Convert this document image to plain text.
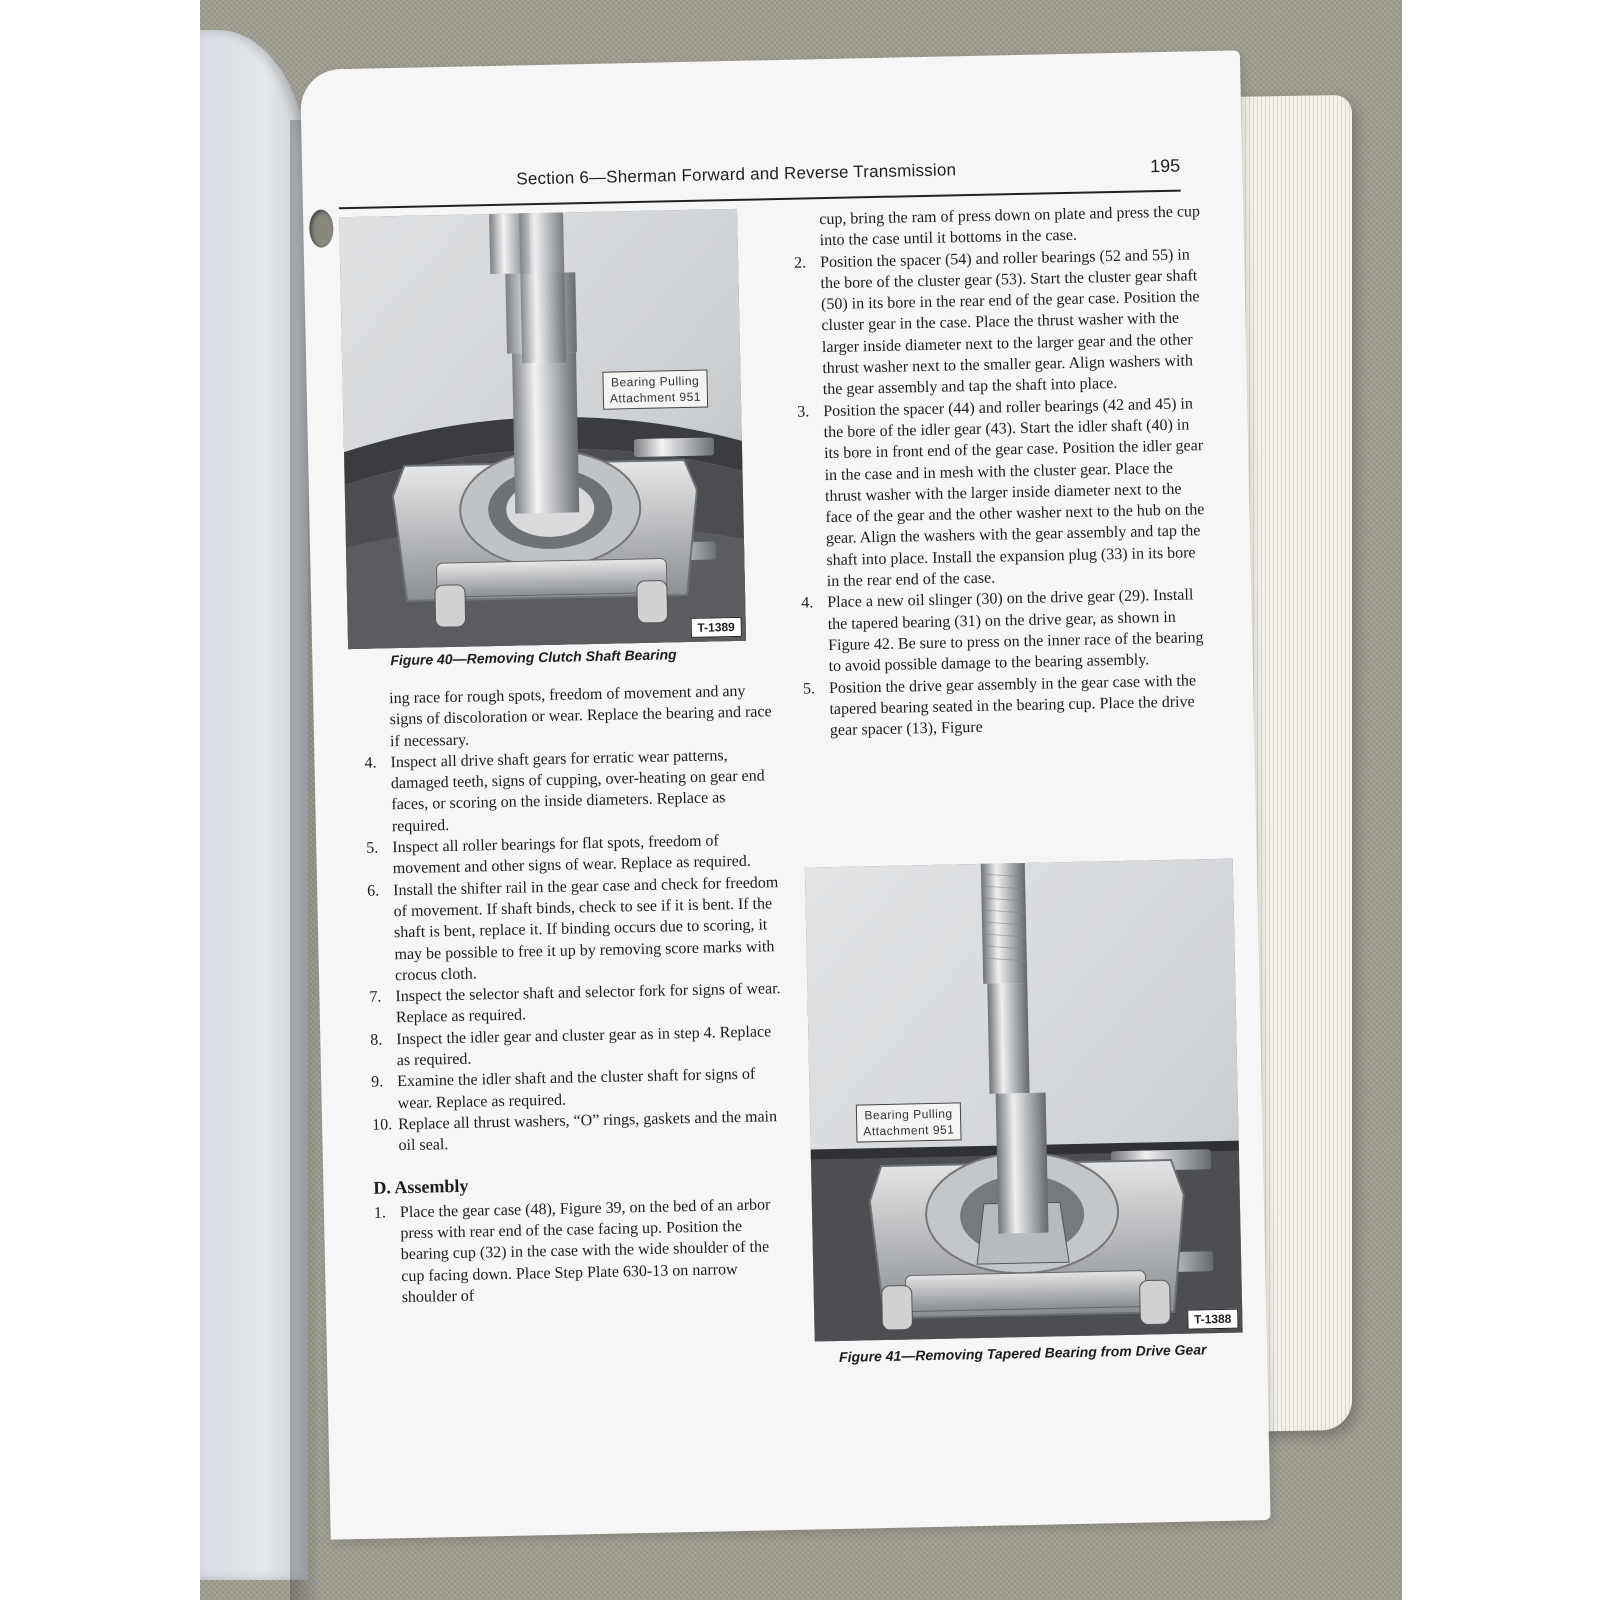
Section 6—Sherman Forward and Reverse Transmission	195
Bearing Pulling
Attachment 951
T-1389
Figure 40—Removing Clutch Shaft Bearing

ing race for rough spots, freedom of movement and any signs of discoloration or wear. Replace the bearing and race if necessary.

4. Inspect all drive shaft gears for erratic wear patterns, damaged teeth, signs of cupping, over-heating on gear end faces, or scoring on the inside diameters. Replace as required.
5. Inspect all roller bearings for flat spots, freedom of movement and other signs of wear. Replace as required.
6. Install the shifter rail in the gear case and check for freedom of movement. If shaft binds, check to see if it is bent. If the shaft is bent, replace it. If binding occurs due to scoring, it may be possible to free it up by removing score marks with crocus cloth.
7. Inspect the selector shaft and selector fork for signs of wear. Replace as required.
8. Inspect the idler gear and cluster gear as in step 4. Replace as required.
9. Examine the idler shaft and the cluster shaft for signs of wear. Replace as required.
10. Replace all thrust washers, “O” rings, gaskets and the main oil seal.
D. Assembly
1. Place the gear case (48), Figure 39, on the bed of an arbor press with rear end of the case facing up. Position the bearing cup (32) in the case with the wide shoulder of the cup facing down. Place Step Plate 630-13 on narrow shoulder of

cup, bring the ram of press down on plate and press the cup into the case until it bottoms in the case.

2. Position the spacer (54) and roller bearings (52 and 55) in the bore of the cluster gear (53). Start the cluster gear shaft (50) in its bore in the rear end of the gear case. Position the cluster gear in the case. Place the thrust washer with the larger inside diameter next to the larger gear and the other thrust washer next to the smaller gear. Align washers with the gear assembly and tap the shaft into place.
3. Position the spacer (44) and roller bearings (42 and 45) in the bore of the idler gear (43). Start the idler shaft (40) in its bore in front end of the gear case. Position the idler gear in the case and in mesh with the cluster gear. Place the thrust washer with the larger inside diameter next to the face of the gear and the other washer next to the hub on the gear. Align the washers with the gear assembly and tap the shaft into place. Install the expansion plug (33) in its bore in the rear end of the case.
4. Place a new oil slinger (30) on the drive gear (29). Install the tapered bearing (31) on the drive gear, as shown in Figure 42. Be sure to press on the inner race of the bearing to avoid possible damage to the bearing assembly.
5. Position the drive gear assembly in the gear case with the tapered bearing seated in the bearing cup. Place the drive gear spacer (13), Figure
Bearing Pulling
Attachment 951
T-1388
Figure 41—Removing Tapered Bearing from Drive Gear
